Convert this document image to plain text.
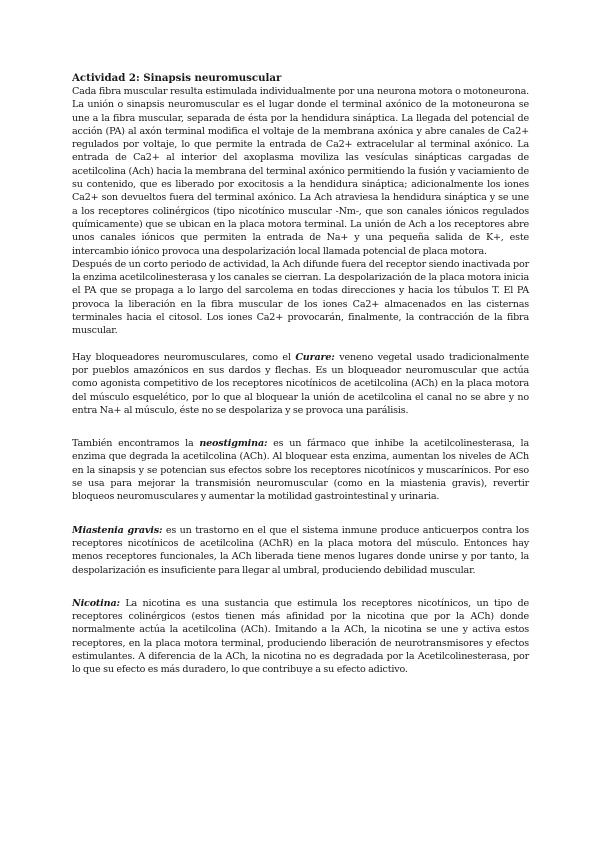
Actividad 2: Sinapsis neuromuscular

Cada fibra muscular resulta estimulada individualmente por una neurona motora o motoneurona. La unión o sinapsis neuromuscular es el lugar donde el terminal axónico de la motoneurona se une a la fibra muscular, separada de ésta por la hendidura sináptica. La llegada del potencial de acción (PA) al axón terminal modifica el voltaje de la membrana axónica y abre canales de Ca2+ regulados por voltaje, lo que permite la entrada de Ca2+ extracelular al terminal axónico. La entrada de Ca2+ al interior del axoplasma moviliza las vesículas sinápticas cargadas de acetilcolina (Ach) hacia la membrana del terminal axónico permitiendo la fusión y vaciamiento de su contenido, que es liberado por exocitosis a la hendidura sináptica; adicionalmente los iones Ca2+ son devueltos fuera del terminal axónico. La Ach atraviesa la hendidura sináptica y se une a los receptores colinérgicos (tipo nicotínico muscular -Nm-, que son canales iónicos regulados químicamente) que se ubican en la placa motora terminal. La unión de Ach a los receptores abre unos canales iónicos que permiten la entrada de Na+ y una pequeña salida de K+, este intercambio iónico provoca una despolarización local llamada potencial de placa motora.

Después de un corto periodo de actividad, la Ach difunde fuera del receptor siendo inactivada por la enzima acetilcolinesterasa y los canales se cierran. La despolarización de la placa motora inicia el PA que se propaga a lo largo del sarcolema en todas direcciones y hacia los túbulos T. El PA provoca la liberación en la fibra muscular de los iones Ca2+ almacenados en las cisternas terminales hacia el citosol. Los iones Ca2+ provocarán, finalmente, la contracción de la fibra muscular.

Hay bloqueadores neuromusculares, como el Curare: veneno vegetal usado tradicionalmente por pueblos amazónicos en sus dardos y flechas. Es un bloqueador neuromuscular que actúa como agonista competitivo de los receptores nicotínicos de acetilcolina (ACh) en la placa motora del músculo esquelético, por lo que al bloquear la unión de acetilcolina el canal no se abre y no entra Na+ al músculo, éste no se despolariza y se provoca una parálisis.

También encontramos la neostigmina: es un fármaco que inhibe la acetilcolinesterasa, la enzima que degrada la acetilcolina (ACh). Al bloquear esta enzima, aumentan los niveles de ACh en la sinapsis y se potencian sus efectos sobre los receptores nicotínicos y muscarínicos. Por eso se usa para mejorar la transmisión neuromuscular (como en la miastenia gravis), revertir bloqueos neuromusculares y aumentar la motilidad gastrointestinal y urinaria.

Miastenia gravis: es un trastorno en el que el sistema inmune produce anticuerpos contra los receptores nicotínicos de acetilcolina (AChR) en la placa motora del músculo. Entonces hay menos receptores funcionales, la ACh liberada tiene menos lugares donde unirse y por tanto, la despolarización es insuficiente para llegar al umbral, produciendo debilidad muscular.

Nicotina: La nicotina es una sustancia que estimula los receptores nicotínicos, un tipo de receptores colinérgicos (estos tienen más afinidad por la nicotina que por la ACh) donde normalmente actúa la acetilcolina (ACh). Imitando a la ACh, la nicotina se une y activa estos receptores, en la placa motora terminal, produciendo liberación de neurotransmisores y efectos estimulantes. A diferencia de la ACh, la nicotina no es degradada por la Acetilcolinesterasa, por lo que su efecto es más duradero, lo que contribuye a su efecto adictivo.
